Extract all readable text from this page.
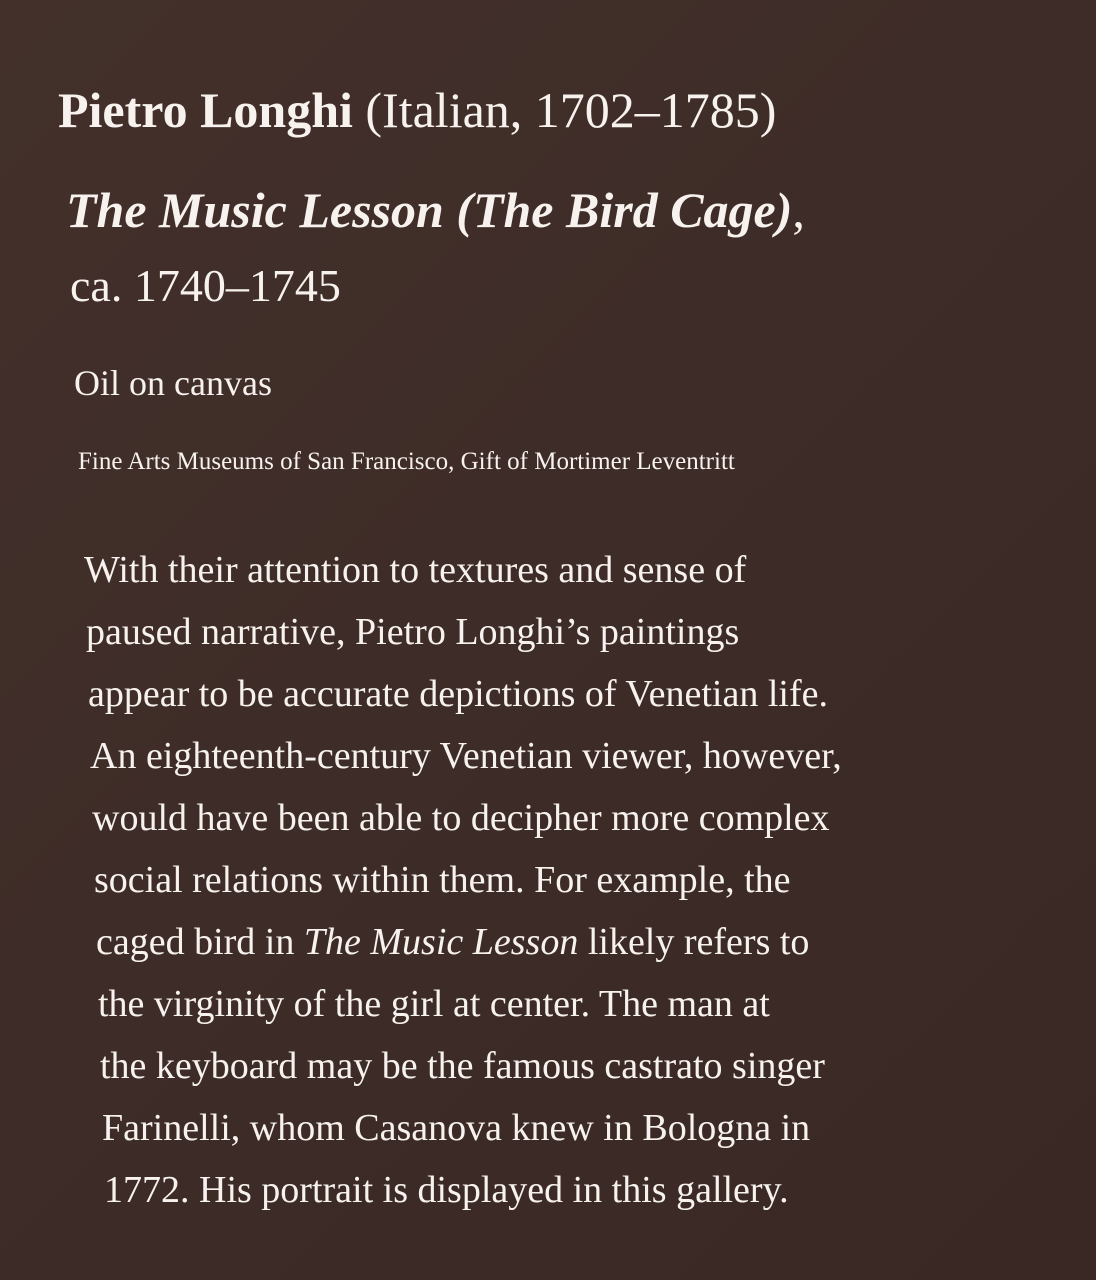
Pietro Longhi (Italian, 1702–1785)
The Music Lesson (The Bird Cage),
ca. 1740–1745
Oil on canvas
Fine Arts Museums of San Francisco, Gift of Mortimer Leventritt
With their attention to textures and sense of
paused narrative, Pietro Longhi’s paintings
appear to be accurate depictions of Venetian life.
An eighteenth-century Venetian viewer, however,
would have been able to decipher more complex
social relations within them. For example, the
caged bird in The Music Lesson likely refers to
the virginity of the girl at center. The man at
the keyboard may be the famous castrato singer
Farinelli, whom Casanova knew in Bologna in
1772. His portrait is displayed in this gallery.
